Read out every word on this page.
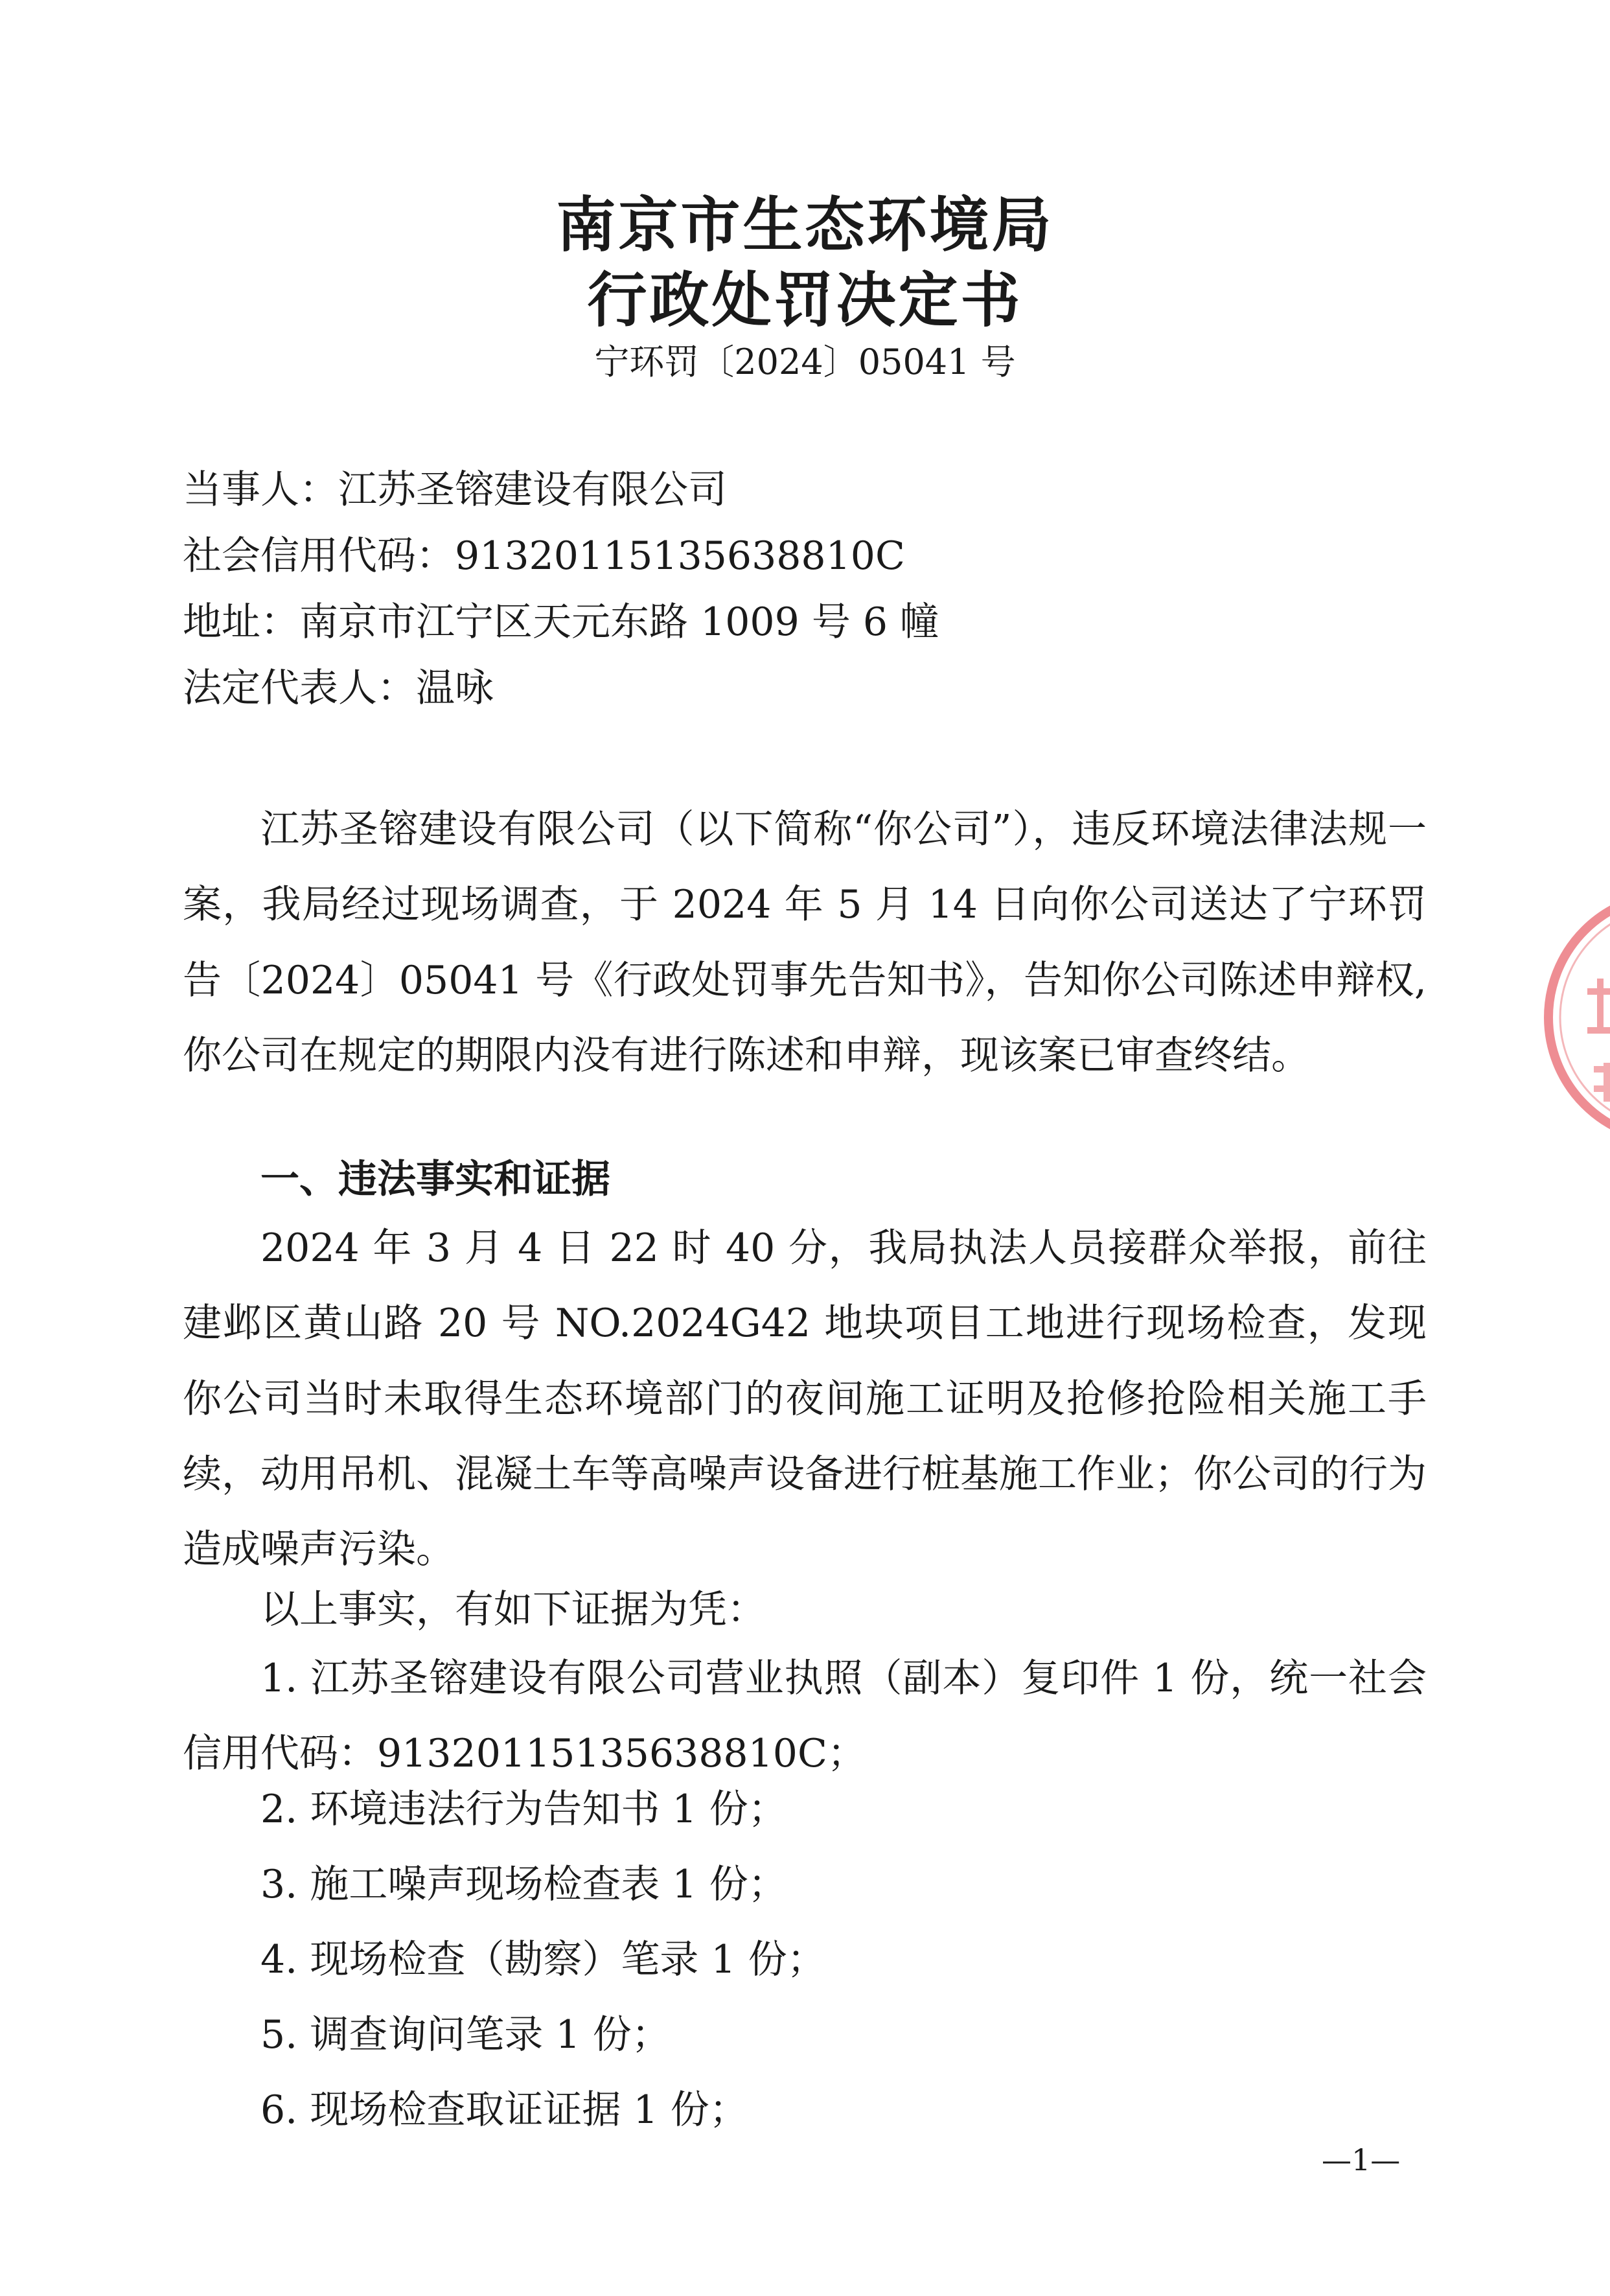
南京市生态环境局

行政处罚决定书

宁环罚〔2024〕05041 号
当事人：江苏圣镕建设有限公司
社会信用代码：91320115135638810C
地址：南京市江宁区天元东路 1009 号 6 幢
法定代表人：温咏

江苏圣镕建设有限公司（以下简称“你公司”），违反环境法律法规一案，我局经过现场调查，于 2024 年 5 月 14 日向你公司送达了宁环罚告〔2024〕05041 号《行政处罚事先告知书》，告知你公司陈述申辩权,你公司在规定的期限内没有进行陈述和申辩，现该案已审查终结。

一、违法事实和证据

2024 年 3 月 4 日 22 时 40 分，我局执法人员接群众举报，前往建邺区黄山路 20 号 NO.2024G42 地块项目工地进行现场检查，发现你公司当时未取得生态环境部门的夜间施工证明及抢修抢险相关施工手续，动用吊机、混凝土车等高噪声设备进行桩基施工作业；你公司的行为造成噪声污染。

以上事实，有如下证据为凭：

1. 江苏圣镕建设有限公司营业执照（副本）复印件 1 份，统一社会信用代码：91320115135638810C；

2. 环境违法行为告知书 1 份；
3. 施工噪声现场检查表 1 份；
4. 现场检查（勘察）笔录 1 份；
5. 调查询问笔录 1 份；
6. 现场检查取证证据 1 份；
—1—
